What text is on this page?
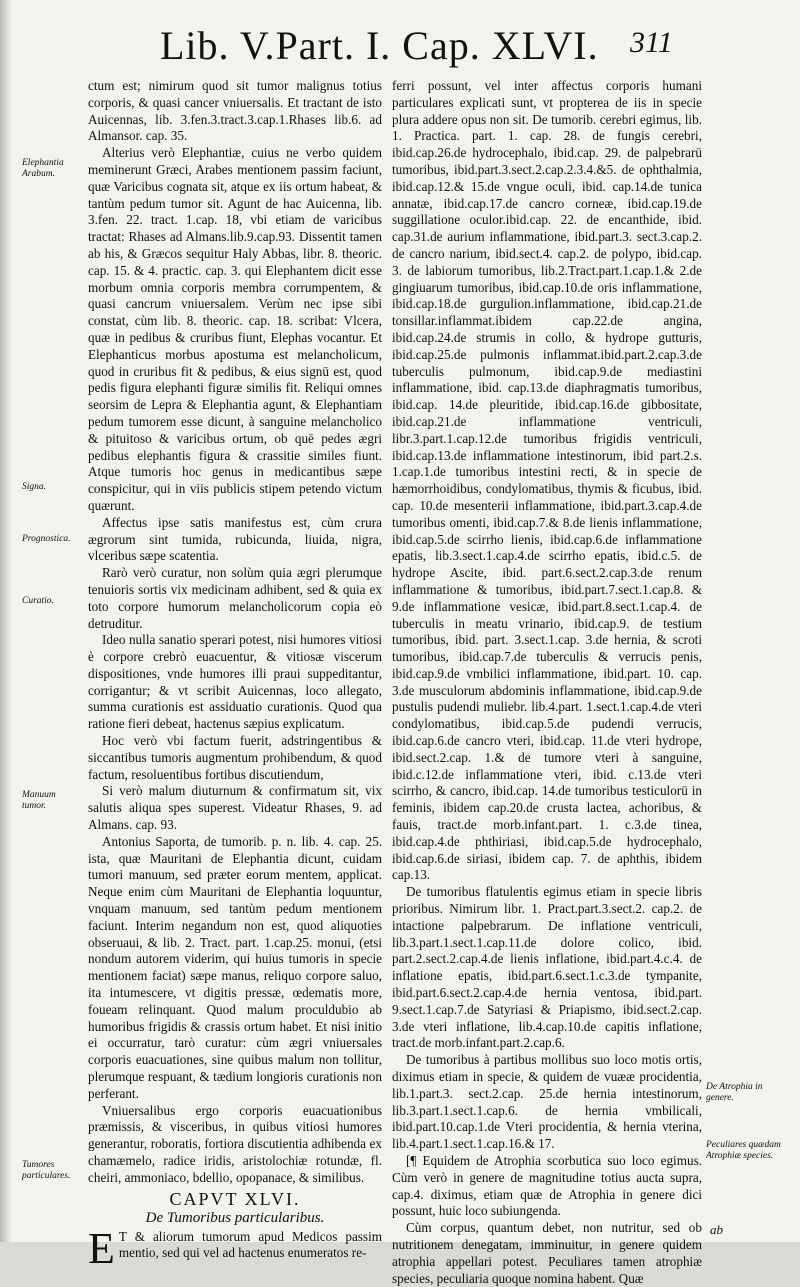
Lib. V.Part. I. Cap. XLVI.	311
Elephantia Arabum.
Signa.
Prognostica.
Curatio.
Manuum tumor.
Tumores particulares.
De Atrophia in genere.
Peculiares quædam Atrophiæ species.

ctum est; nimirum quod sit tumor malignus totius corporis, & quasi cancer vniuersalis. Et tractant de isto Auicennas, lib. 3.fen.3.tract.3.cap.1.Rhases lib.6. ad Almansor. cap. 35.

Alterius verò Elephantiæ, cuius ne verbo quidem meminerunt Græci, Arabes mentionem passim faciunt, quæ Varicibus cognata sit, atque ex iis ortum habeat, & tantùm pedum tumor sit. Agunt de hac Auicenna, lib. 3.fen. 22. tract. 1.cap. 18, vbi etiam de varicibus tractat: Rhases ad Almans.lib.9.cap.93. Dissentit tamen ab his, & Græcos sequitur Haly Abbas, libr. 8. theoric. cap. 15. & 4. practic. cap. 3. qui Elephantem dicit esse morbum omnia corporis membra corrumpentem, & quasi cancrum vniuersalem. Verùm nec ipse sibi constat, cùm lib. 8. theoric. cap. 18. scribat: Vlcera, quæ in pedibus & cruribus fiunt, Elephas vocantur. Et Elephanticus morbus apostuma est melancholicum, quod in cruribus fit & pedibus, & eius signū est, quod pedis figura elephanti figuræ similis fit. Reliqui omnes seorsim de Lepra & Elephantia agunt, & Elephantiam pedum tumorem esse dicunt, à sanguine melancholico & pituitoso & varicibus ortum, ob quē pedes ægri pedibus elephantis figura & crassitie similes fiunt. Atque tumoris hoc genus in medicantibus sæpe conspicitur, qui in viis publicis stipem petendo victum quærunt.

Affectus ipse satis manifestus est, cùm crura ægrorum sint tumida, rubicunda, liuida, nigra, vlceribus sæpe scatentia.

Rarò verò curatur, non solùm quia ægri plerumque tenuioris sortis vix medicinam adhibent, sed & quia ex toto corpore humorum melancholicorum copia eò detruditur.

Ideo nulla sanatio sperari potest, nisi humores vitiosi è corpore crebrò euacuentur, & vitiosæ viscerum dispositiones, vnde humores illi praui suppeditantur, corrigantur; & vt scribit Auicennas, loco allegato, summa curationis est assiduatio curationis. Quod qua ratione fieri debeat, hactenus sæpius explicatum.

Hoc verò vbi factum fuerit, adstringentibus & siccantibus tumoris augmentum prohibendum, & quod factum, resoluentibus fortibus discutiendum,

Si verò malum diuturnum & confirmatum sit, vix salutis aliqua spes superest. Videatur Rhases, 9. ad Almans. cap. 93.

Antonius Saporta, de tumorib. p. n. lib. 4. cap. 25. ista, quæ Mauritani de Elephantia dicunt, cuidam tumori manuum, sed præter eorum mentem, applicat. Neque enim cùm Mauritani de Elephantia loquuntur, vnquam manuum, sed tantùm pedum mentionem faciunt. Interim negandum non est, quod aliquoties obseruaui, & lib. 2. Tract. part. 1.cap.25. monui, (etsi nondum autorem viderim, qui huius tumoris in specie mentionem faciat) sæpe manus, reliquo corpore saluo, ita intumescere, vt digitis pressæ, œdematis more, foueam relinquant. Quod malum proculdubio ab humoribus frigidis & crassis ortum habet. Et nisi initio ei occurratur, tarò curatur: cùm ægri vniuersales corporis euacuationes, sine quibus malum non tollitur, plerumque respuant, & tædium longioris curationis non perferant.

Vniuersalibus ergo corporis euacuationibus præmissis, & visceribus, in quibus vitiosi humores generantur, roboratis, fortiora discutientia adhibenda ex chamæmelo, radice iridis, aristolochiæ rotundæ, fl. cheiri, ammoniaco, bdellio, opopanace, & similibus.

CAPVT XLVI.
De Tumoribus particularibus.

E T & aliorum tumorum apud Medicos passim mentio, sed qui vel ad hactenus enumeratos re-

ferri possunt, vel inter affectus corporis humani particulares explicati sunt, vt propterea de iis in specie plura addere opus non sit. De tumorib. cerebri egimus, lib. 1. Practica. part. 1. cap. 28. de fungis cerebri, ibid.cap.26.de hydrocephalo, ibid.cap. 29. de palpebrarū tumoribus, ibid.part.3.sect.2.cap.2.3.4.&5. de ophthalmia, ibid.cap.12.& 15.de vngue oculi, ibid. cap.14.de tunica annatæ, ibid.cap.17.de cancro corneæ, ibid.cap.19.de suggillatione oculor.ibid.cap. 22. de encanthide, ibid. cap.31.de aurium inflammatione, ibid.part.3. sect.3.cap.2. de cancro narium, ibid.sect.4. cap.2. de polypo, ibid.cap. 3. de labiorum tumoribus, lib.2.Tract.part.1.cap.1.& 2.de gingiuarum tumoribus, ibid.cap.10.de oris inflammatione, ibid.cap.18.de gurgulion.inflammatione, ibid.cap.21.de tonsillar.inflammat.ibidem cap.22.de angina, ibid.cap.24.de strumis in collo, & hydrope gutturis, ibid.cap.25.de pulmonis inflammat.ibid.part.2.cap.3.de tuberculis pulmonum, ibid.cap.9.de mediastini inflammatione, ibid. cap.13.de diaphragmatis tumoribus, ibid.cap. 14.de pleuritide, ibid.cap.16.de gibbositate, ibid.cap.21.de inflammatione ventriculi, libr.3.part.1.cap.12.de tumoribus frigidis ventriculi, ibid.cap.13.de inflammatione intestinorum, ibid part.2.s. 1.cap.1.de tumoribus intestini recti, & in specie de hæmorrhoidibus, condylomatibus, thymis & ficubus, ibid. cap. 10.de mesenterii inflammatione, ibid.part.3.cap.4.de tumoribus omenti, ibid.cap.7.& 8.de lienis inflammatione, ibid.cap.5.de scirrho lienis, ibid.cap.6.de inflammatione epatis, lib.3.sect.1.cap.4.de scirrho epatis, ibid.c.5. de hydrope Ascite, ibid. part.6.sect.2.cap.3.de renum inflammatione & tumoribus, ibid.part.7.sect.1.cap.8. & 9.de inflammatione vesicæ, ibid.part.8.sect.1.cap.4. de tuberculis in meatu vrinario, ibid.cap.9. de testium tumoribus, ibid. part. 3.sect.1.cap. 3.de hernia, & scroti tumoribus, ibid.cap.7.de tuberculis & verrucis penis, ibid.cap.9.de vmbilici inflammatione, ibid.part. 10. cap. 3.de musculorum abdominis inflammatione, ibid.cap.9.de pustulis pudendi muliebr. lib.4.part. 1.sect.1.cap.4.de vteri condylomatibus, ibid.cap.5.de pudendi verrucis, ibid.cap.6.de cancro vteri, ibid.cap. 11.de vteri hydrope, ibid.sect.2.cap. 1.& de tumore vteri à sanguine, ibid.c.12.de inflammatione vteri, ibid. c.13.de vteri scirrho, & cancro, ibid.cap. 14.de tumoribus testiculorū in feminis, ibidem cap.20.de crusta lactea, achoribus, & fauis, tract.de morb.infant.part. 1. c.3.de tinea, ibid.cap.4.de phthiriasi, ibid.cap.5.de hydrocephalo, ibid.cap.6.de siriasi, ibidem cap. 7. de aphthis, ibidem cap.13.

De tumoribus flatulentis egimus etiam in specie libris prioribus. Nimirum libr. 1. Pract.part.3.sect.2. cap.2. de intactione palpebrarum. De inflatione ventriculi, lib.3.part.1.sect.1.cap.11.de dolore colico, ibid. part.2.sect.2.cap.4.de lienis inflatione, ibid.part.4.c.4. de inflatione epatis, ibid.part.6.sect.1.c.3.de tympanite, ibid.part.6.sect.2.cap.4.de hernia ventosa, ibid.part. 9.sect.1.cap.7.de Satyriasi & Priapismo, ibid.sect.2.cap. 3.de vteri inflatione, lib.4.cap.10.de capitis inflatione, tract.de morb.infant.part.2.cap.6.

De tumoribus à partibus mollibus suo loco motis ortis, diximus etiam in specie, & quidem de vuææ procidentia, lib.1.part.3. sect.2.cap. 25.de hernia intestinorum, lib.3.part.1.sect.1.cap.6. de hernia vmbilicali, ibid.part.10.cap.1.de Vteri procidentia, & hernia vterina, lib.4.part.1.sect.1.cap.16.& 17.

[¶ Equidem de Atrophia scorbutica suo loco egimus. Cùm verò in genere de magnitudine totius aucta supra, cap.4. diximus, etiam quæ de Atrophia in genere dici possunt, huic loco subiungenda.

Cùm corpus, quantum debet, non nutritur, sed ob nutritionem denegatam, imminuitur, in genere quidem atrophia appellari potest. Peculiares tamen atrophiæ species, peculiaria quoque nomina habent. Quæ

ab
